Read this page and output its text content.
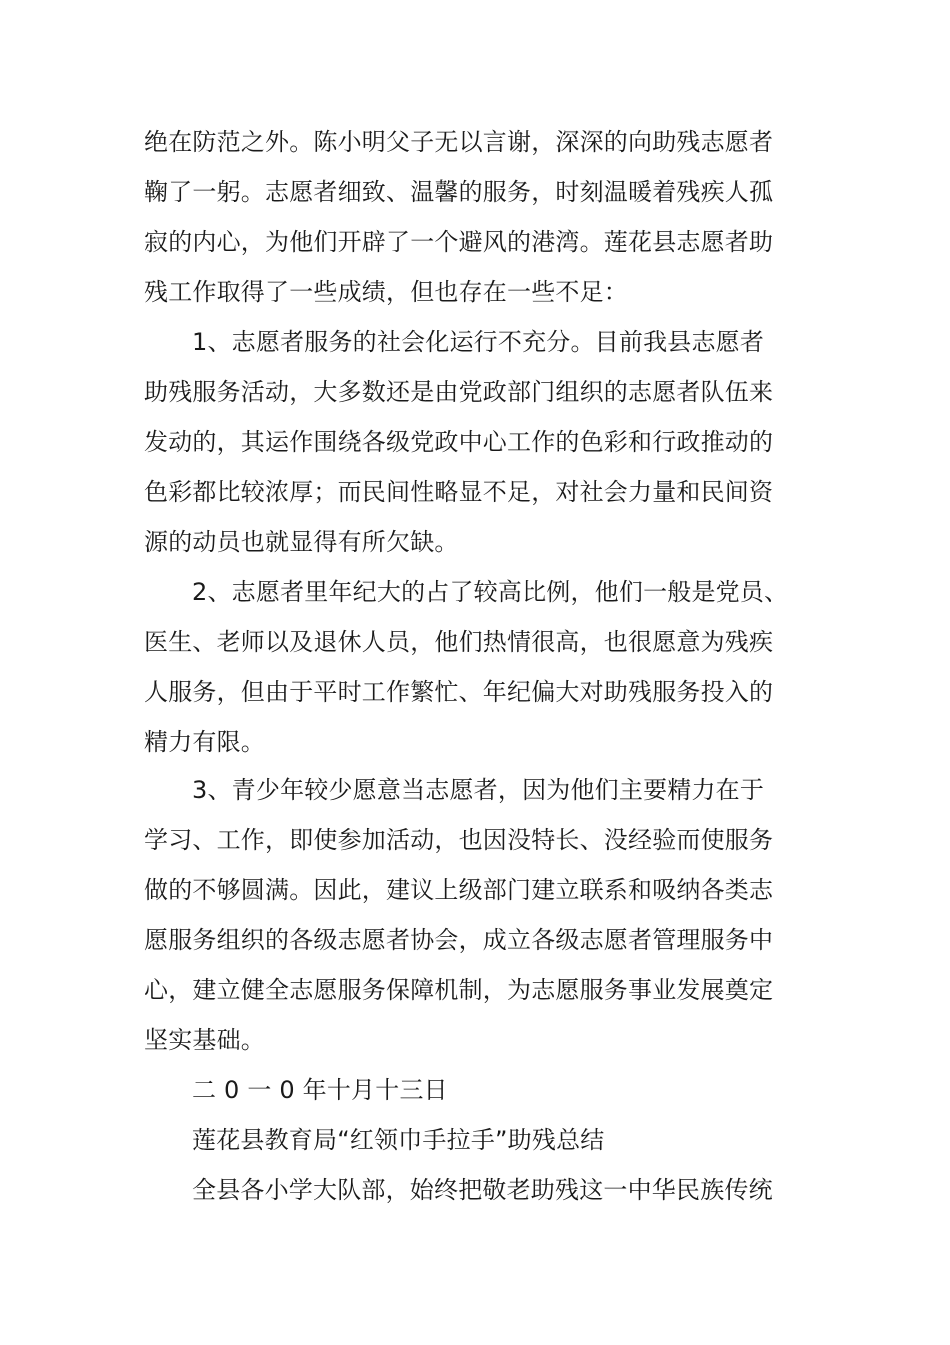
绝在防范之外。陈小明父子无以言谢，深深的向助残志愿者
鞠了一躬。志愿者细致、温馨的服务，时刻温暖着残疾人孤
寂的内心，为他们开辟了一个避风的港湾。莲花县志愿者助
残工作取得了一些成绩，但也存在一些不足：
1、志愿者服务的社会化运行不充分。目前我县志愿者
助残服务活动，大多数还是由党政部门组织的志愿者队伍来
发动的，其运作围绕各级党政中心工作的色彩和行政推动的
色彩都比较浓厚；而民间性略显不足，对社会力量和民间资
源的动员也就显得有所欠缺。
2、志愿者里年纪大的占了较高比例，他们一般是党员、
医生、老师以及退休人员，他们热情很高，也很愿意为残疾
人服务，但由于平时工作繁忙、年纪偏大对助残服务投入的
精力有限。
3、青少年较少愿意当志愿者，因为他们主要精力在于
学习、工作，即使参加活动，也因没特长、没经验而使服务
做的不够圆满。因此，建议上级部门建立联系和吸纳各类志
愿服务组织的各级志愿者协会，成立各级志愿者管理服务中
心，建立健全志愿服务保障机制，为志愿服务事业发展奠定
坚实基础。
二 0 一 0 年十月十三日
莲花县教育局“红领巾手拉手”助残总结
全县各小学大队部，始终把敬老助残这一中华民族传统
